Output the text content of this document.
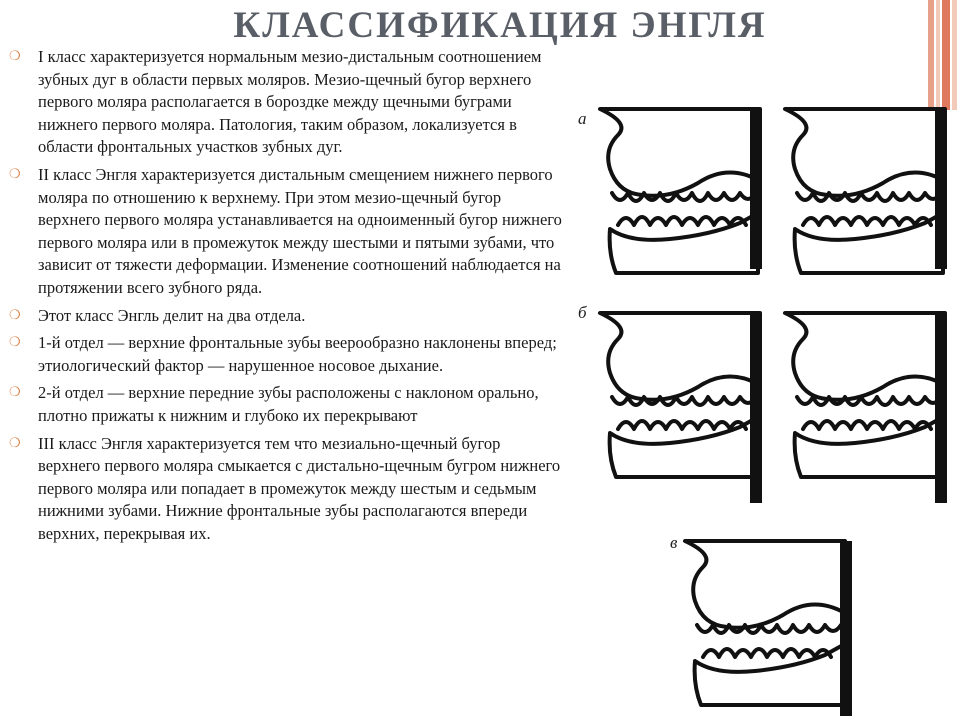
КЛАССИФИКАЦИЯ ЭНГЛЯ
❍ I класс характеризуется нормальным мезио-дистальным соотношением зубных дуг в области первых моляров. Мезио-щечный бугор верхнего первого моляра располагается в бороздке между щечными буграми нижнего первого моляра. Патология, таким образом, локализуется в области фронтальных участков зубных дуг.
❍ II класс Энгля характеризуется дистальным смещением нижнего первого моляра по отношению к верхнему. При этом мезио-щечный бугор верхнего первого моляра устанавливается на одноименный бугор нижнего первого моляра или в промежуток между шестыми и пятыми зубами, что зависит от тяжести деформации. Изменение соотношений наблюдается на протяжении всего зубного ряда.
❍ Этот класс Энгль делит на два отдела.
❍ 1-й отдел — верхние фронтальные зубы веерообразно наклонены вперед; этиологический фактор — нарушенное носовое дыхание.
❍ 2-й отдел — верхние передние зубы расположены с наклоном орально, плотно прижаты к нижним и глубоко их перекрывают
❍ III класс Энгля характеризуется тем что мезиально-щечный бугор верхнего первого моляра смыкается с дистально-щечным бугром нижнего первого моляра или попадает в промежуток между шестым и седьмым нижними зубами. Нижние фронтальные зубы располагаются впереди верхних, перекрывая их.
а
б
в
